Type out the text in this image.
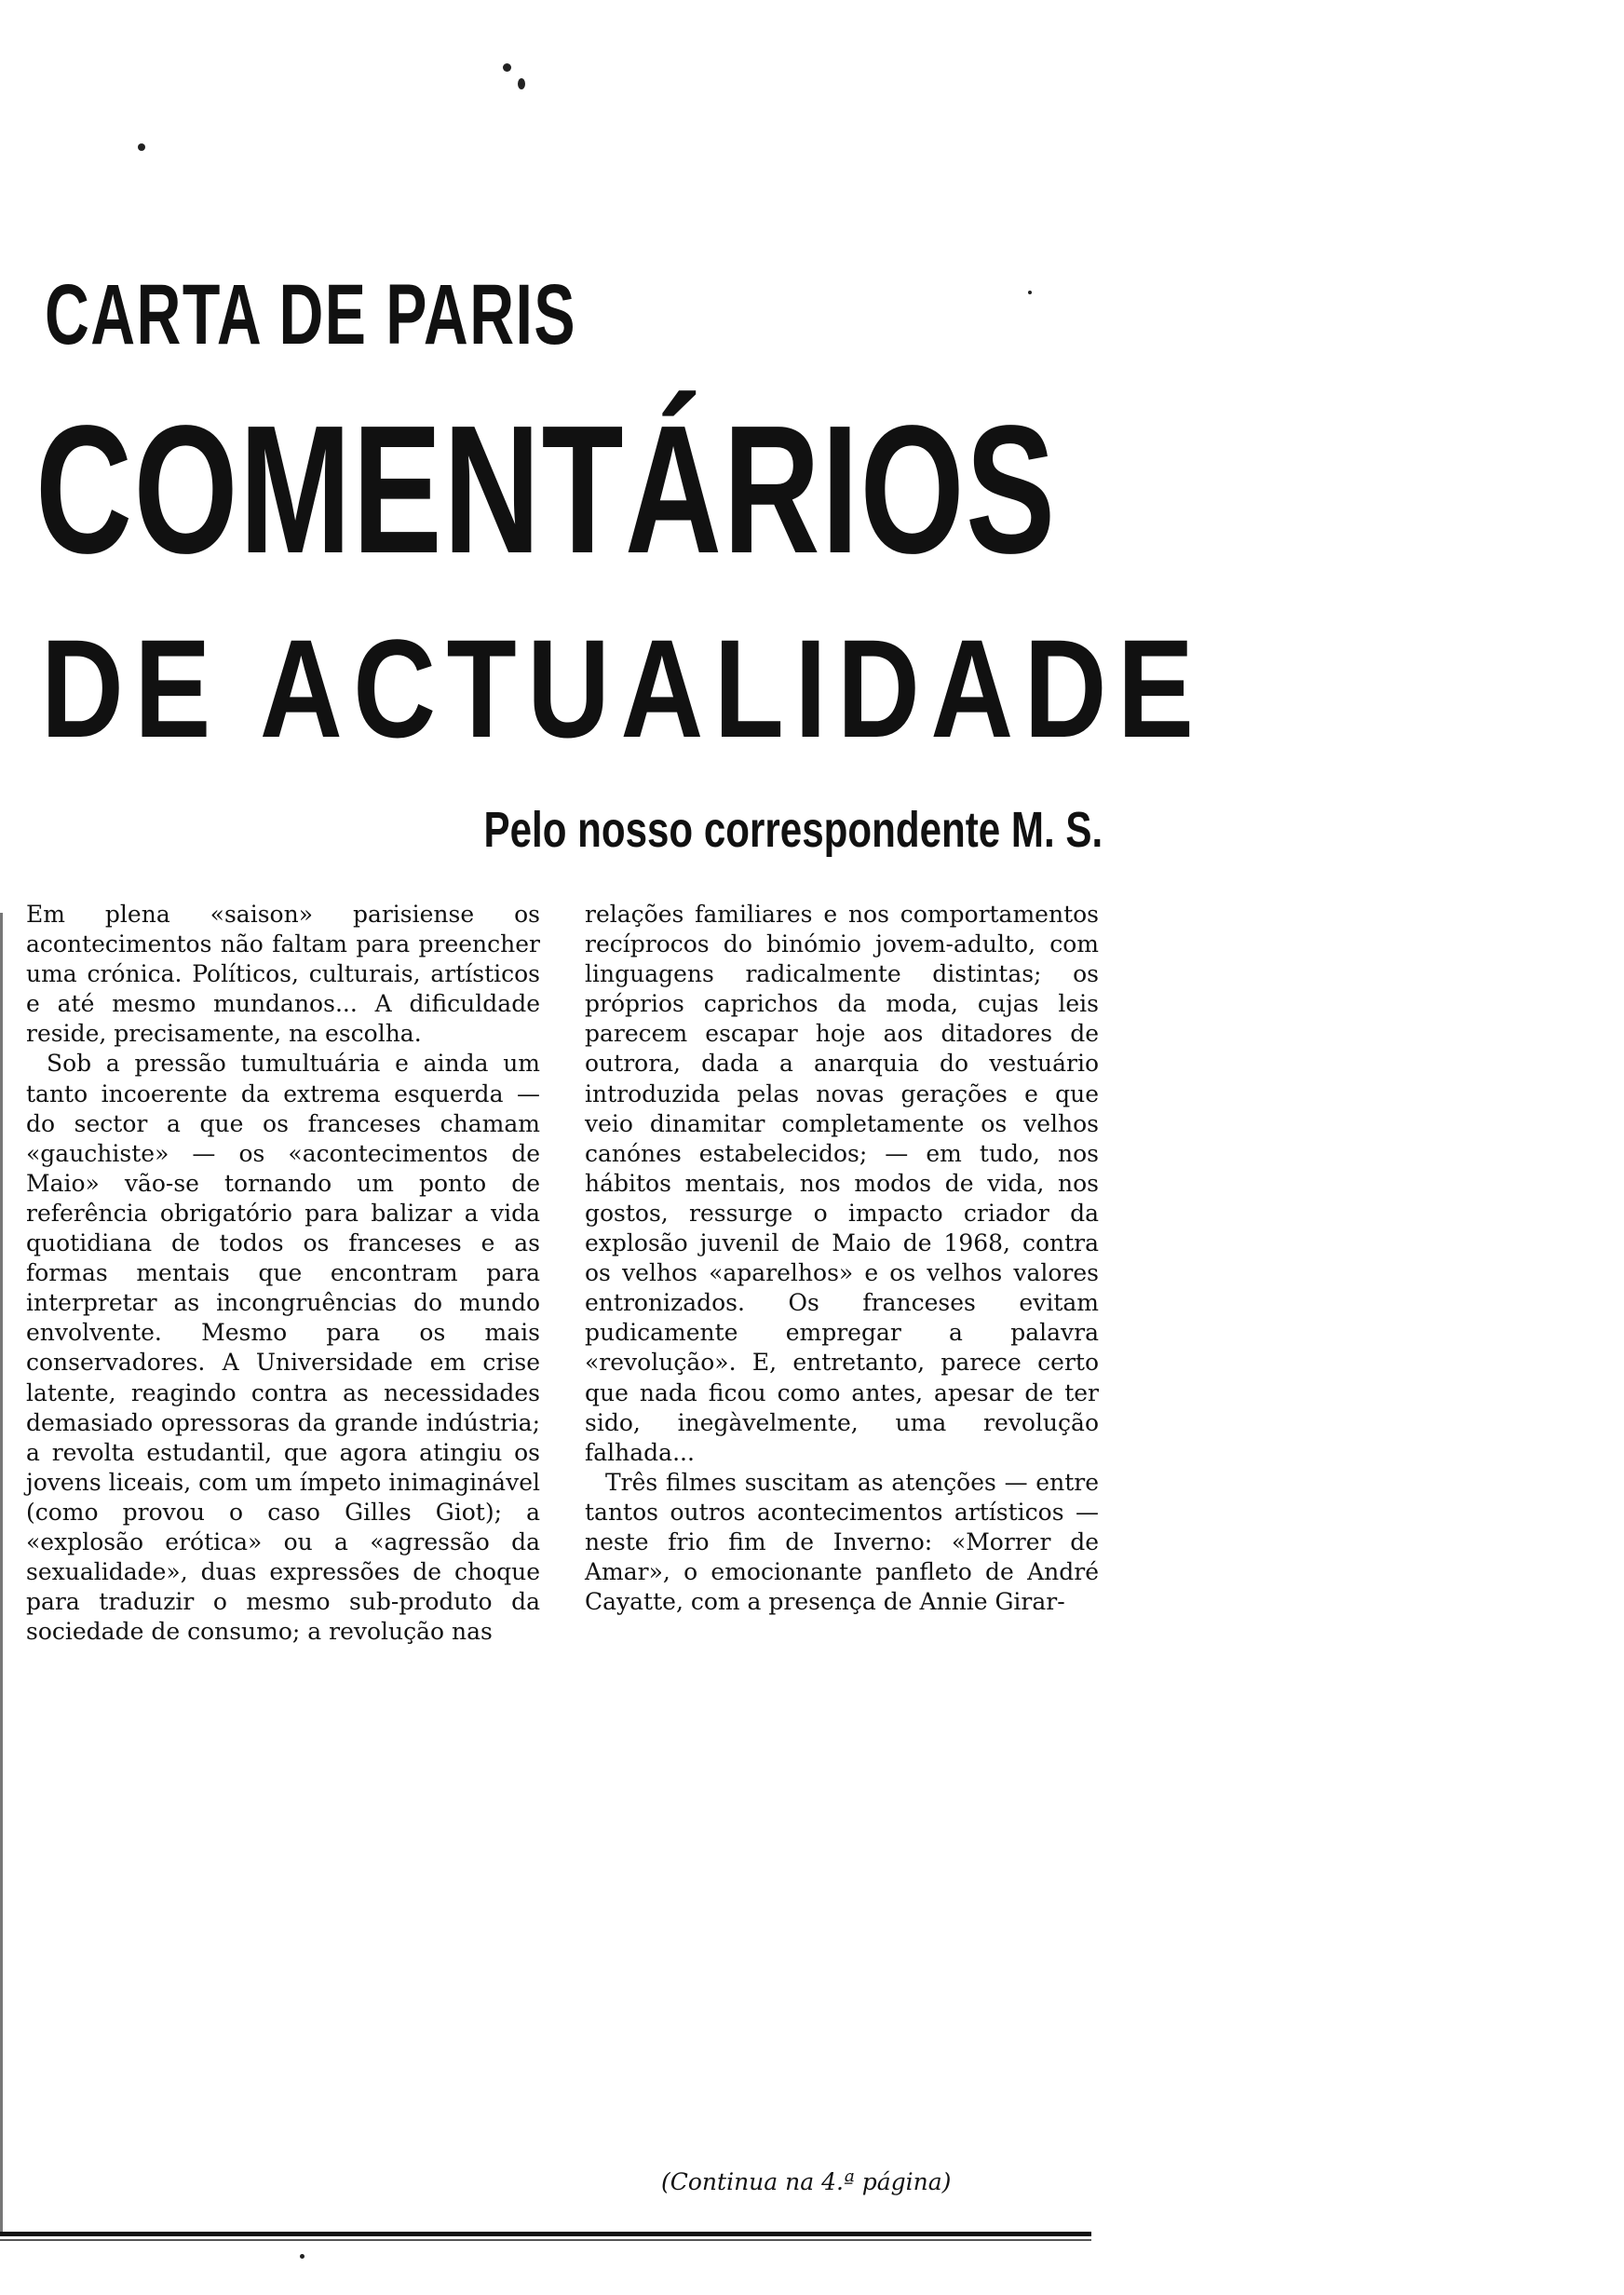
CARTA DE PARIS
COMENTÁRIOS
DE ACTUALIDADE
Pelo nosso correspondente M. S.

Em plena «saison» parisiense os acontecimentos não faltam para preencher uma crónica. Políticos, culturais, artísticos e até mesmo mundanos... A dificuldade reside, precisamente, na escolha.

Sob a pressão tumultuária e ainda um tanto incoerente da extrema esquerda — do sector a que os franceses chamam «gauchiste» — os «acontecimentos de Maio» vão-se tornando um ponto de referência obrigatório para balizar a vida quotidiana de todos os franceses e as formas mentais que encontram para interpretar as incongruências do mundo envolvente. Mesmo para os mais conservadores. A Universidade em crise latente, reagindo contra as necessidades demasiado opressoras da grande indústria; a revolta estudantil, que agora atingiu os jovens liceais, com um ímpeto inimaginável (como provou o caso Gilles Giot); a «explosão erótica» ou a «agressão da sexualidade», duas expressões de choque para traduzir o mesmo sub-produto da sociedade de consumo; a revolução nas

relações familiares e nos comportamentos recíprocos do binómio jovem-adulto, com linguagens radicalmente distintas; os próprios caprichos da moda, cujas leis parecem escapar hoje aos ditadores de outrora, dada a anarquia do vestuário introduzida pelas novas gerações e que veio dinamitar completamente os velhos canónes estabelecidos; — em tudo, nos hábitos mentais, nos modos de vida, nos gostos, ressurge o impacto criador da explosão juvenil de Maio de 1968, contra os velhos «aparelhos» e os velhos valores entronizados. Os franceses evitam pudicamente empregar a palavra «revolução». E, entretanto, parece certo que nada ficou como antes, apesar de ter sido, inegàvelmente, uma revolução falhada...

Três filmes suscitam as atenções — entre tantos outros acontecimentos artísticos — neste frio fim de Inverno: «Morrer de Amar», o emocionante panfleto de André Cayatte, com a presença de Annie Girar-

(Continua na 4.ª página)
